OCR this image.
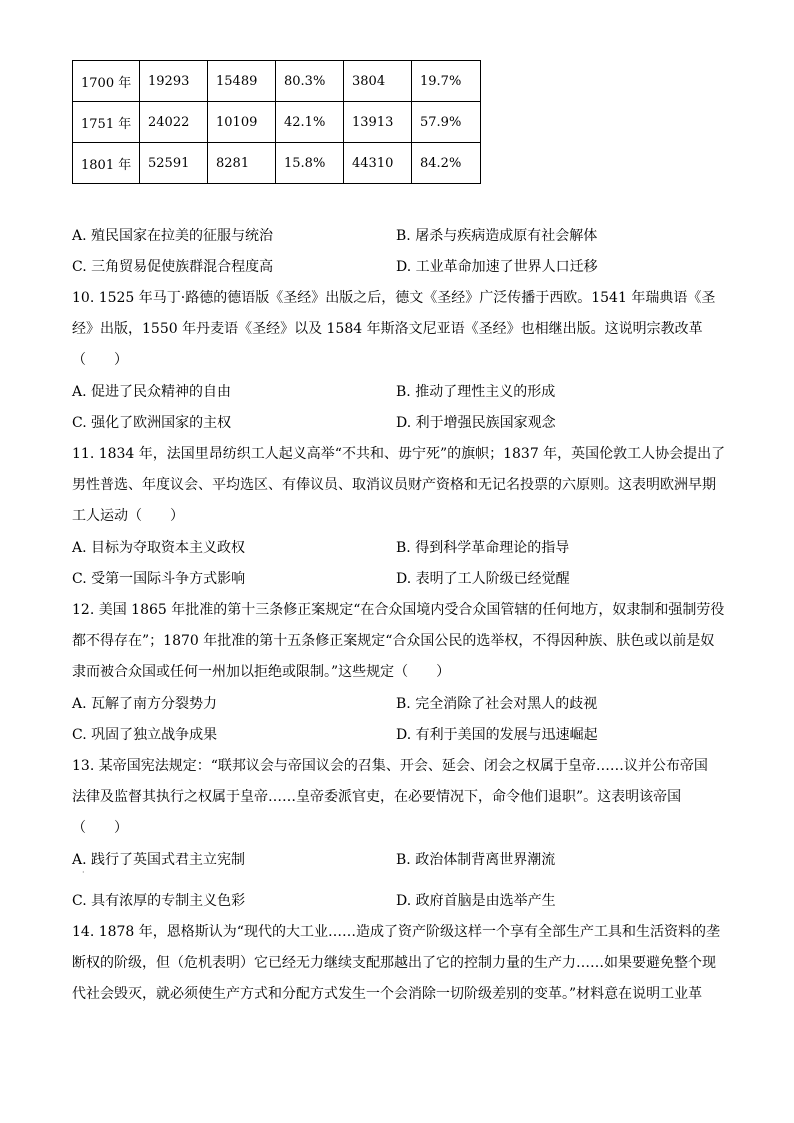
1700 年	19293	15489	80.3%	3804	19.7%
1751 年	24022	10109	42.1%	13913	57.9%
1801 年	52591	8281	15.8%	44310	84.2%
A. 殖民国家在拉美的征服与统治	B. 屠杀与疾病造成原有社会解体
C. 三角贸易促使族群混合程度高	D. 工业革命加速了世界人口迁移
10. 1525 年马丁·路德的德语版《圣经》出版之后，德文《圣经》广泛传播于西欧。1541 年瑞典语《圣
经》出版，1550 年丹麦语《圣经》以及 1584 年斯洛文尼亚语《圣经》也相继出版。这说明宗教改革
（　　）
A. 促进了民众精神的自由	B. 推动了理性主义的形成
C. 强化了欧洲国家的主权	D. 利于增强民族国家观念
11. 1834 年，法国里昂纺织工人起义高举“不共和、毋宁死”的旗帜；1837 年，英国伦敦工人协会提出了
男性普选、年度议会、平均选区、有俸议员、取消议员财产资格和无记名投票的六原则。这表明欧洲早期
工人运动（　　）
A. 目标为夺取资本主义政权	B. 得到科学革命理论的指导
C. 受第一国际斗争方式影响	D. 表明了工人阶级已经觉醒
12. 美国 1865 年批准的第十三条修正案规定“在合众国境内受合众国管辖的任何地方，奴隶制和强制劳役
都不得存在”；1870 年批准的第十五条修正案规定“合众国公民的选举权，不得因种族、肤色或以前是奴
隶而被合众国或任何一州加以拒绝或限制。”这些规定（　　）
A. 瓦解了南方分裂势力	B. 完全消除了社会对黑人的歧视
C. 巩固了独立战争成果	D. 有利于美国的发展与迅速崛起
13. 某帝国宪法规定：“联邦议会与帝国议会的召集、开会、延会、闭会之权属于皇帝……议并公布帝国
法律及监督其执行之权属于皇帝……皇帝委派官吏，在必要情况下，命令他们退职”。这表明该帝国
（　　）
A. 践行了英国式君主立宪制	B. 政治体制背离世界潮流
·
C. 具有浓厚的专制主义色彩	D. 政府首脑是由选举产生
14. 1878 年，恩格斯认为“现代的大工业……造成了资产阶级这样一个享有全部生产工具和生活资料的垄
断权的阶级，但（危机表明）它已经无力继续支配那越出了它的控制力量的生产力……如果要避免整个现
代社会毁灭，就必须使生产方式和分配方式发生一个会消除一切阶级差别的变革。”材料意在说明工业革
